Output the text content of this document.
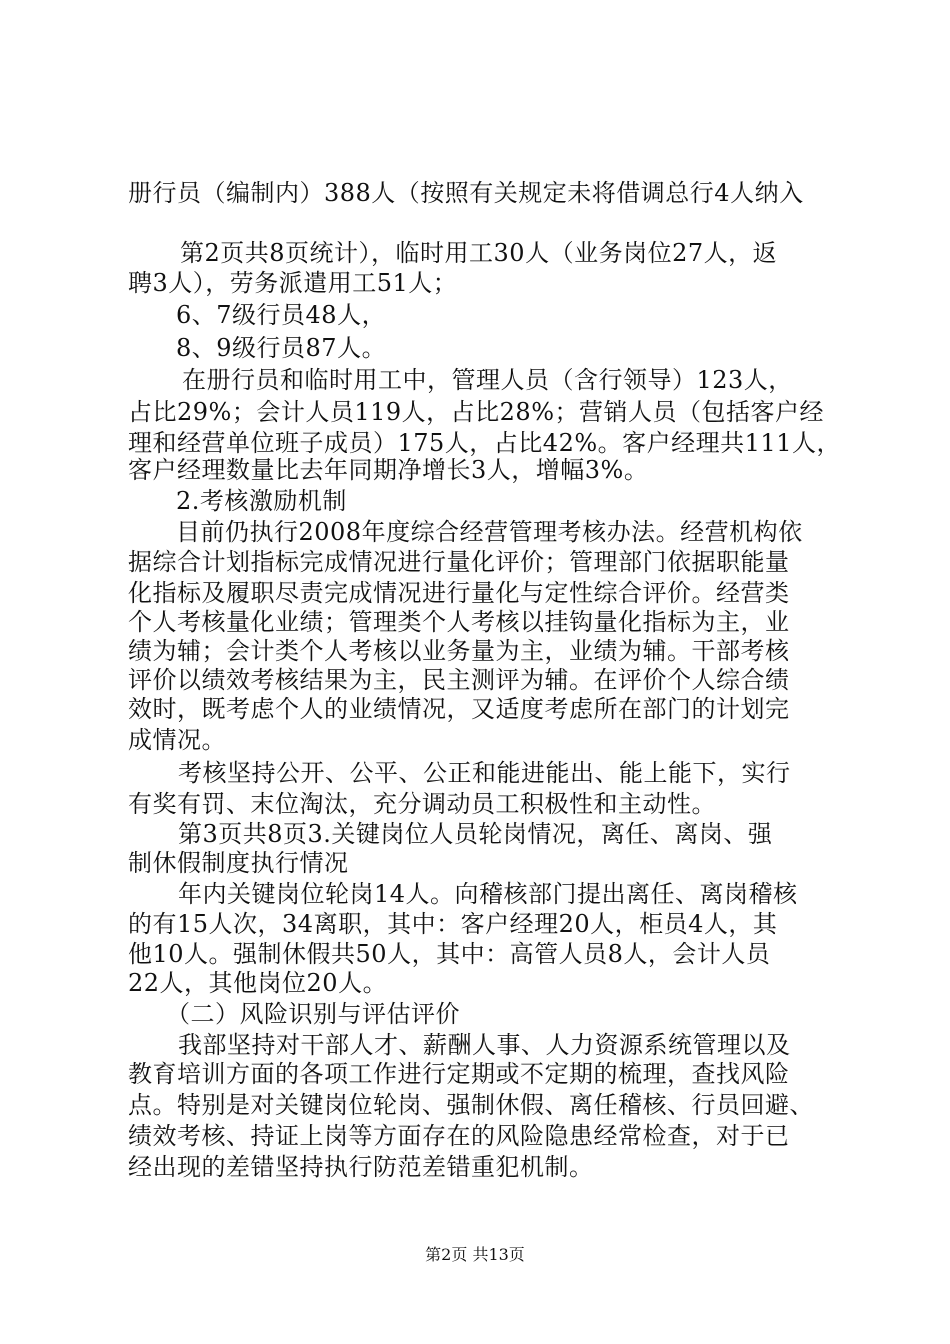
册行员（编制内）388人（按照有关规定未将借调总行4人纳入
第2页共8页统计），临时用工30人（业务岗位27人，返
聘3人），劳务派遣用工51人；
6、7级行员48人，
8、9级行员87人。
在册行员和临时用工中，管理人员（含行领导）123人，
占比29%；会计人员119人，占比28%；营销人员（包括客户经
理和经营单位班子成员）175人，占比42%。客户经理共111人，
客户经理数量比去年同期净增长3人，增幅3%。
2.考核激励机制
目前仍执行2008年度综合经营管理考核办法。经营机构依
据综合计划指标完成情况进行量化评价；管理部门依据职能量
化指标及履职尽责完成情况进行量化与定性综合评价。经营类
个人考核量化业绩；管理类个人考核以挂钩量化指标为主，业
绩为辅；会计类个人考核以业务量为主，业绩为辅。干部考核
评价以绩效考核结果为主，民主测评为辅。在评价个人综合绩
效时，既考虑个人的业绩情况，又适度考虑所在部门的计划完
成情况。
考核坚持公开、公平、公正和能进能出、能上能下，实行
有奖有罚、末位淘汰，充分调动员工积极性和主动性。
第3页共8页3.关键岗位人员轮岗情况，离任、离岗、强
制休假制度执行情况
年内关键岗位轮岗14人。向稽核部门提出离任、离岗稽核
的有15人次，34离职，其中：客户经理20人，柜员4人，其
他10人。强制休假共50人，其中：高管人员8人，会计人员
22人，其他岗位20人。
（二）风险识别与评估评价
我部坚持对干部人才、薪酬人事、人力资源系统管理以及
教育培训方面的各项工作进行定期或不定期的梳理，查找风险
点。特别是对关键岗位轮岗、强制休假、离任稽核、行员回避、
绩效考核、持证上岗等方面存在的风险隐患经常检查，对于已
经出现的差错坚持执行防范差错重犯机制。
第2页 共13页
